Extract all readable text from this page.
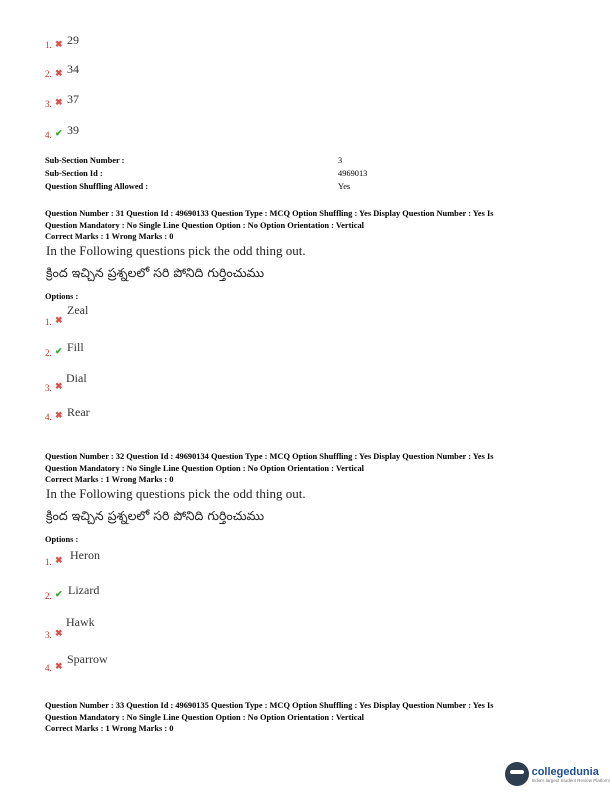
1. ✖ 29
2. ✖ 34
3. ✖ 37
4. ✔ 39
Sub-Section Number :	3
Sub-Section Id :	4969013
Question Shuffling Allowed :	Yes
Question Number : 31 Question Id : 49690133 Question Type : MCQ Option Shuffling : Yes Display Question Number : Yes Is
Question Mandatory : No Single Line Question Option : No Option Orientation : Vertical
Correct Marks : 1 Wrong Marks : 0
In the Following questions pick the odd thing out.
క్రింద ఇచ్చిన ప్రశ్నలలో సరి పోనిది గుర్తించుము
Options :
Zeal
1. ✖
Fill
2. ✔
Dial
3. ✖
Rear
4. ✖
Question Number : 32 Question Id : 49690134 Question Type : MCQ Option Shuffling : Yes Display Question Number : Yes Is
Question Mandatory : No Single Line Question Option : No Option Orientation : Vertical
Correct Marks : 1 Wrong Marks : 0
In the Following questions pick the odd thing out.
క్రింద ఇచ్చిన ప్రశ్నలలో సరి పోనిది గుర్తించుము
Options :
Heron
1. ✖
Lizard
2. ✔
Hawk
3. ✖
Sparrow
4. ✖
Question Number : 33 Question Id : 49690135 Question Type : MCQ Option Shuffling : Yes Display Question Number : Yes Is
Question Mandatory : No Single Line Question Option : No Option Orientation : Vertical
Correct Marks : 1 Wrong Marks : 0
collegedunia
India's largest Student Review Platform
